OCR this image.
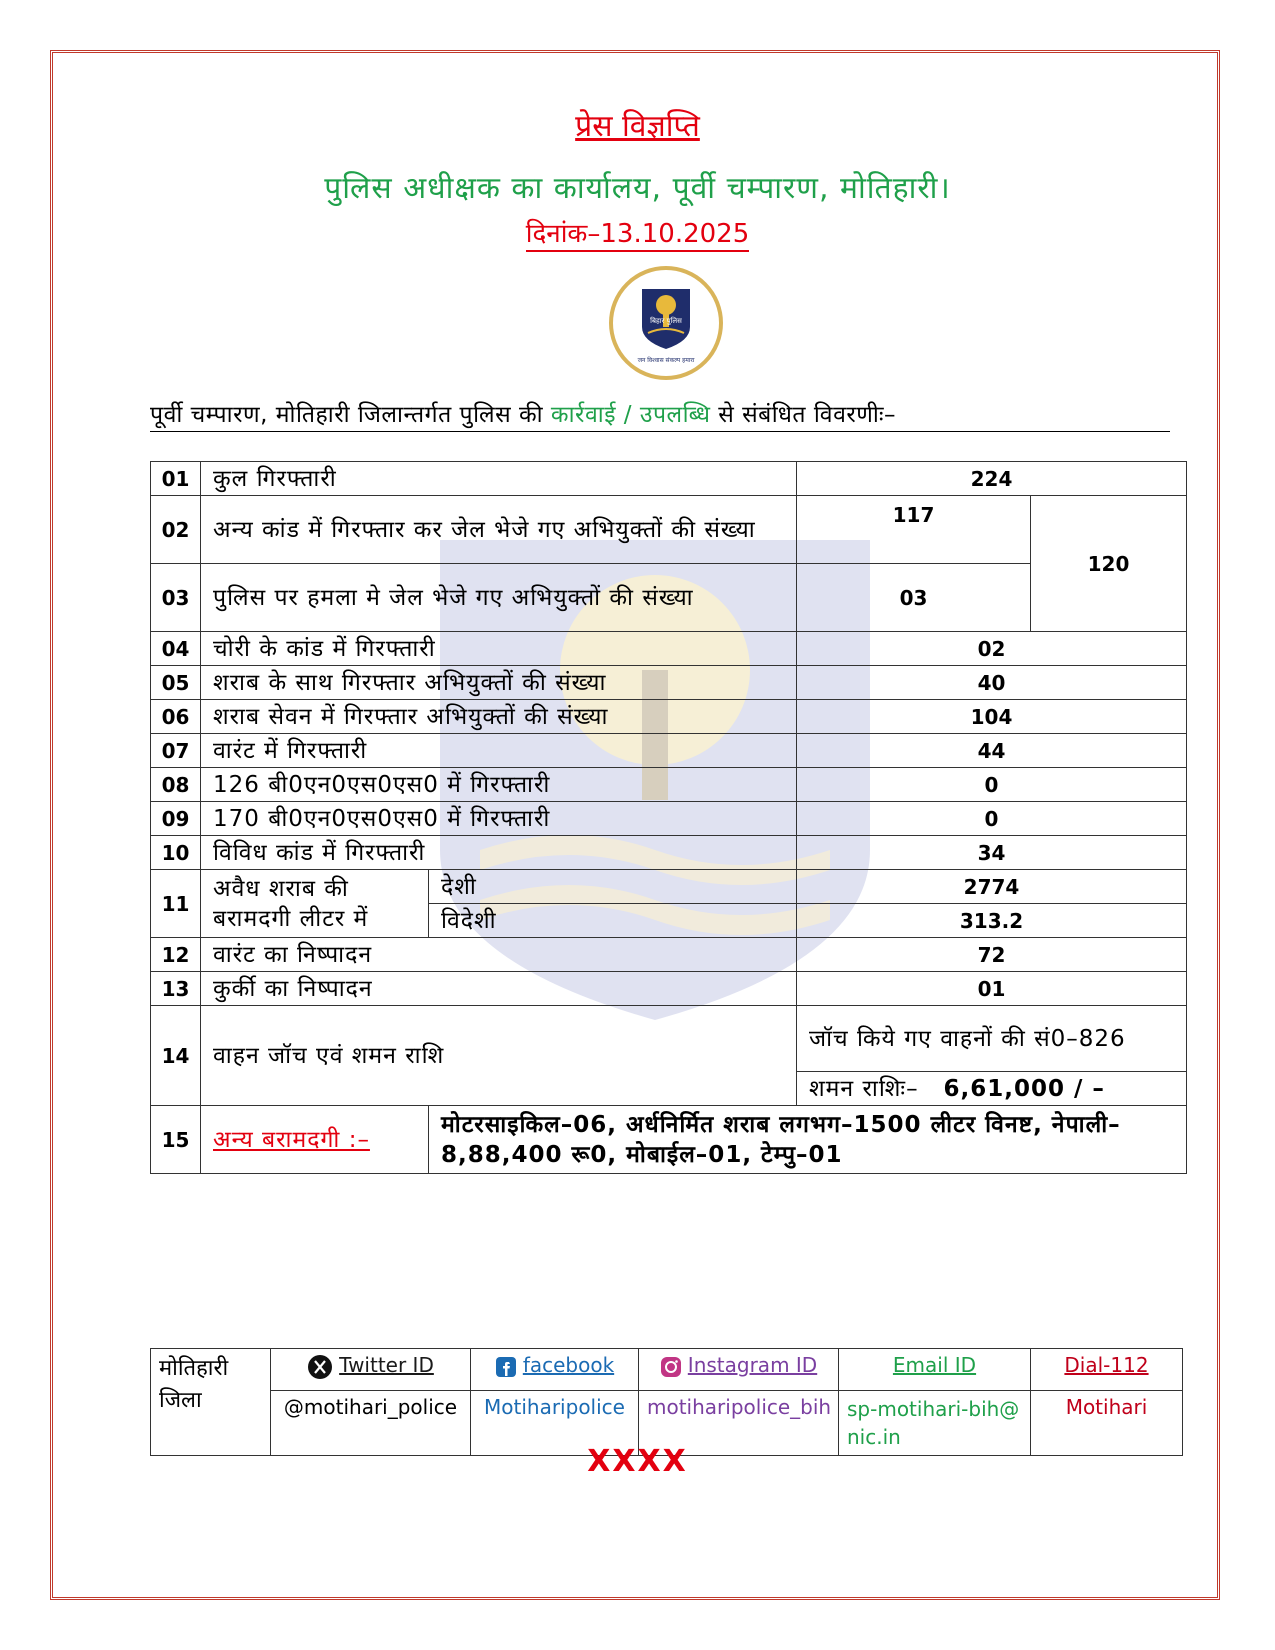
प्रेस विज्ञप्ति
पुलिस अधीक्षक का कार्यालय, पूर्वी चम्पारण, मोतिहारी।
दिनांक–13.10.2025
बिहार पुलिस
जन विश्वास संकल्प हमारा
पूर्वी चम्पारण, मोतिहारी जिलान्तर्गत पुलिस की कार्रवाई / उपलब्धि से संबंधित विवरणीः–
01	कुल गिरफ्तारी		224	
02	अन्य कांड में गिरफ्तार कर जेल भेजे गए अभियुक्तों की संख्या		117	120
03	पुलिस पर हमला मे जेल भेजे गए अभियुक्तों की संख्या		03	
04	चोरी के कांड में गिरफ्तारी		02	
05	शराब के साथ गिरफ्तार अभियुक्तों की संख्या		40	
06	शराब सेवन में गिरफ्तार अभियुक्तों की संख्या		104	
07	वारंट में गिरफ्तारी		44	
08	126 बी0एन0एस0एस0 में गिरफ्तारी		0	
09	170 बी0एन0एस0एस0 में गिरफ्तारी		0	
10	विविध कांड में गिरफ्तारी		34	
11	अवैध शराब की बरामदगी लीटर में	देशी	2774	
		विदेशी	313.2	
12	वारंट का निष्पादन		72	
13	कुर्की का निष्पादन		01	
14	वाहन जॉच एवं शमन राशि		जॉच किये गए वाहनों की सं0–826	
			शमन राशिः– 6,61,000 / –	
15	अन्य बरामदगी :–	मोटरसाइकिल–06, अर्धनिर्मित शराब लगभग–1500 लीटर विनष्ट, नेपाली–8,88,400 रू0, मोबाईल–01, टेम्पु–01		
मोतिहारी जिला	Twitter ID	facebook	Instagram ID	Email ID	Dial-112
	@motihari_police	Motiharipolice	motiharipolice_bih	sp-motihari-bih@nic.in	Motihari
XXXX
